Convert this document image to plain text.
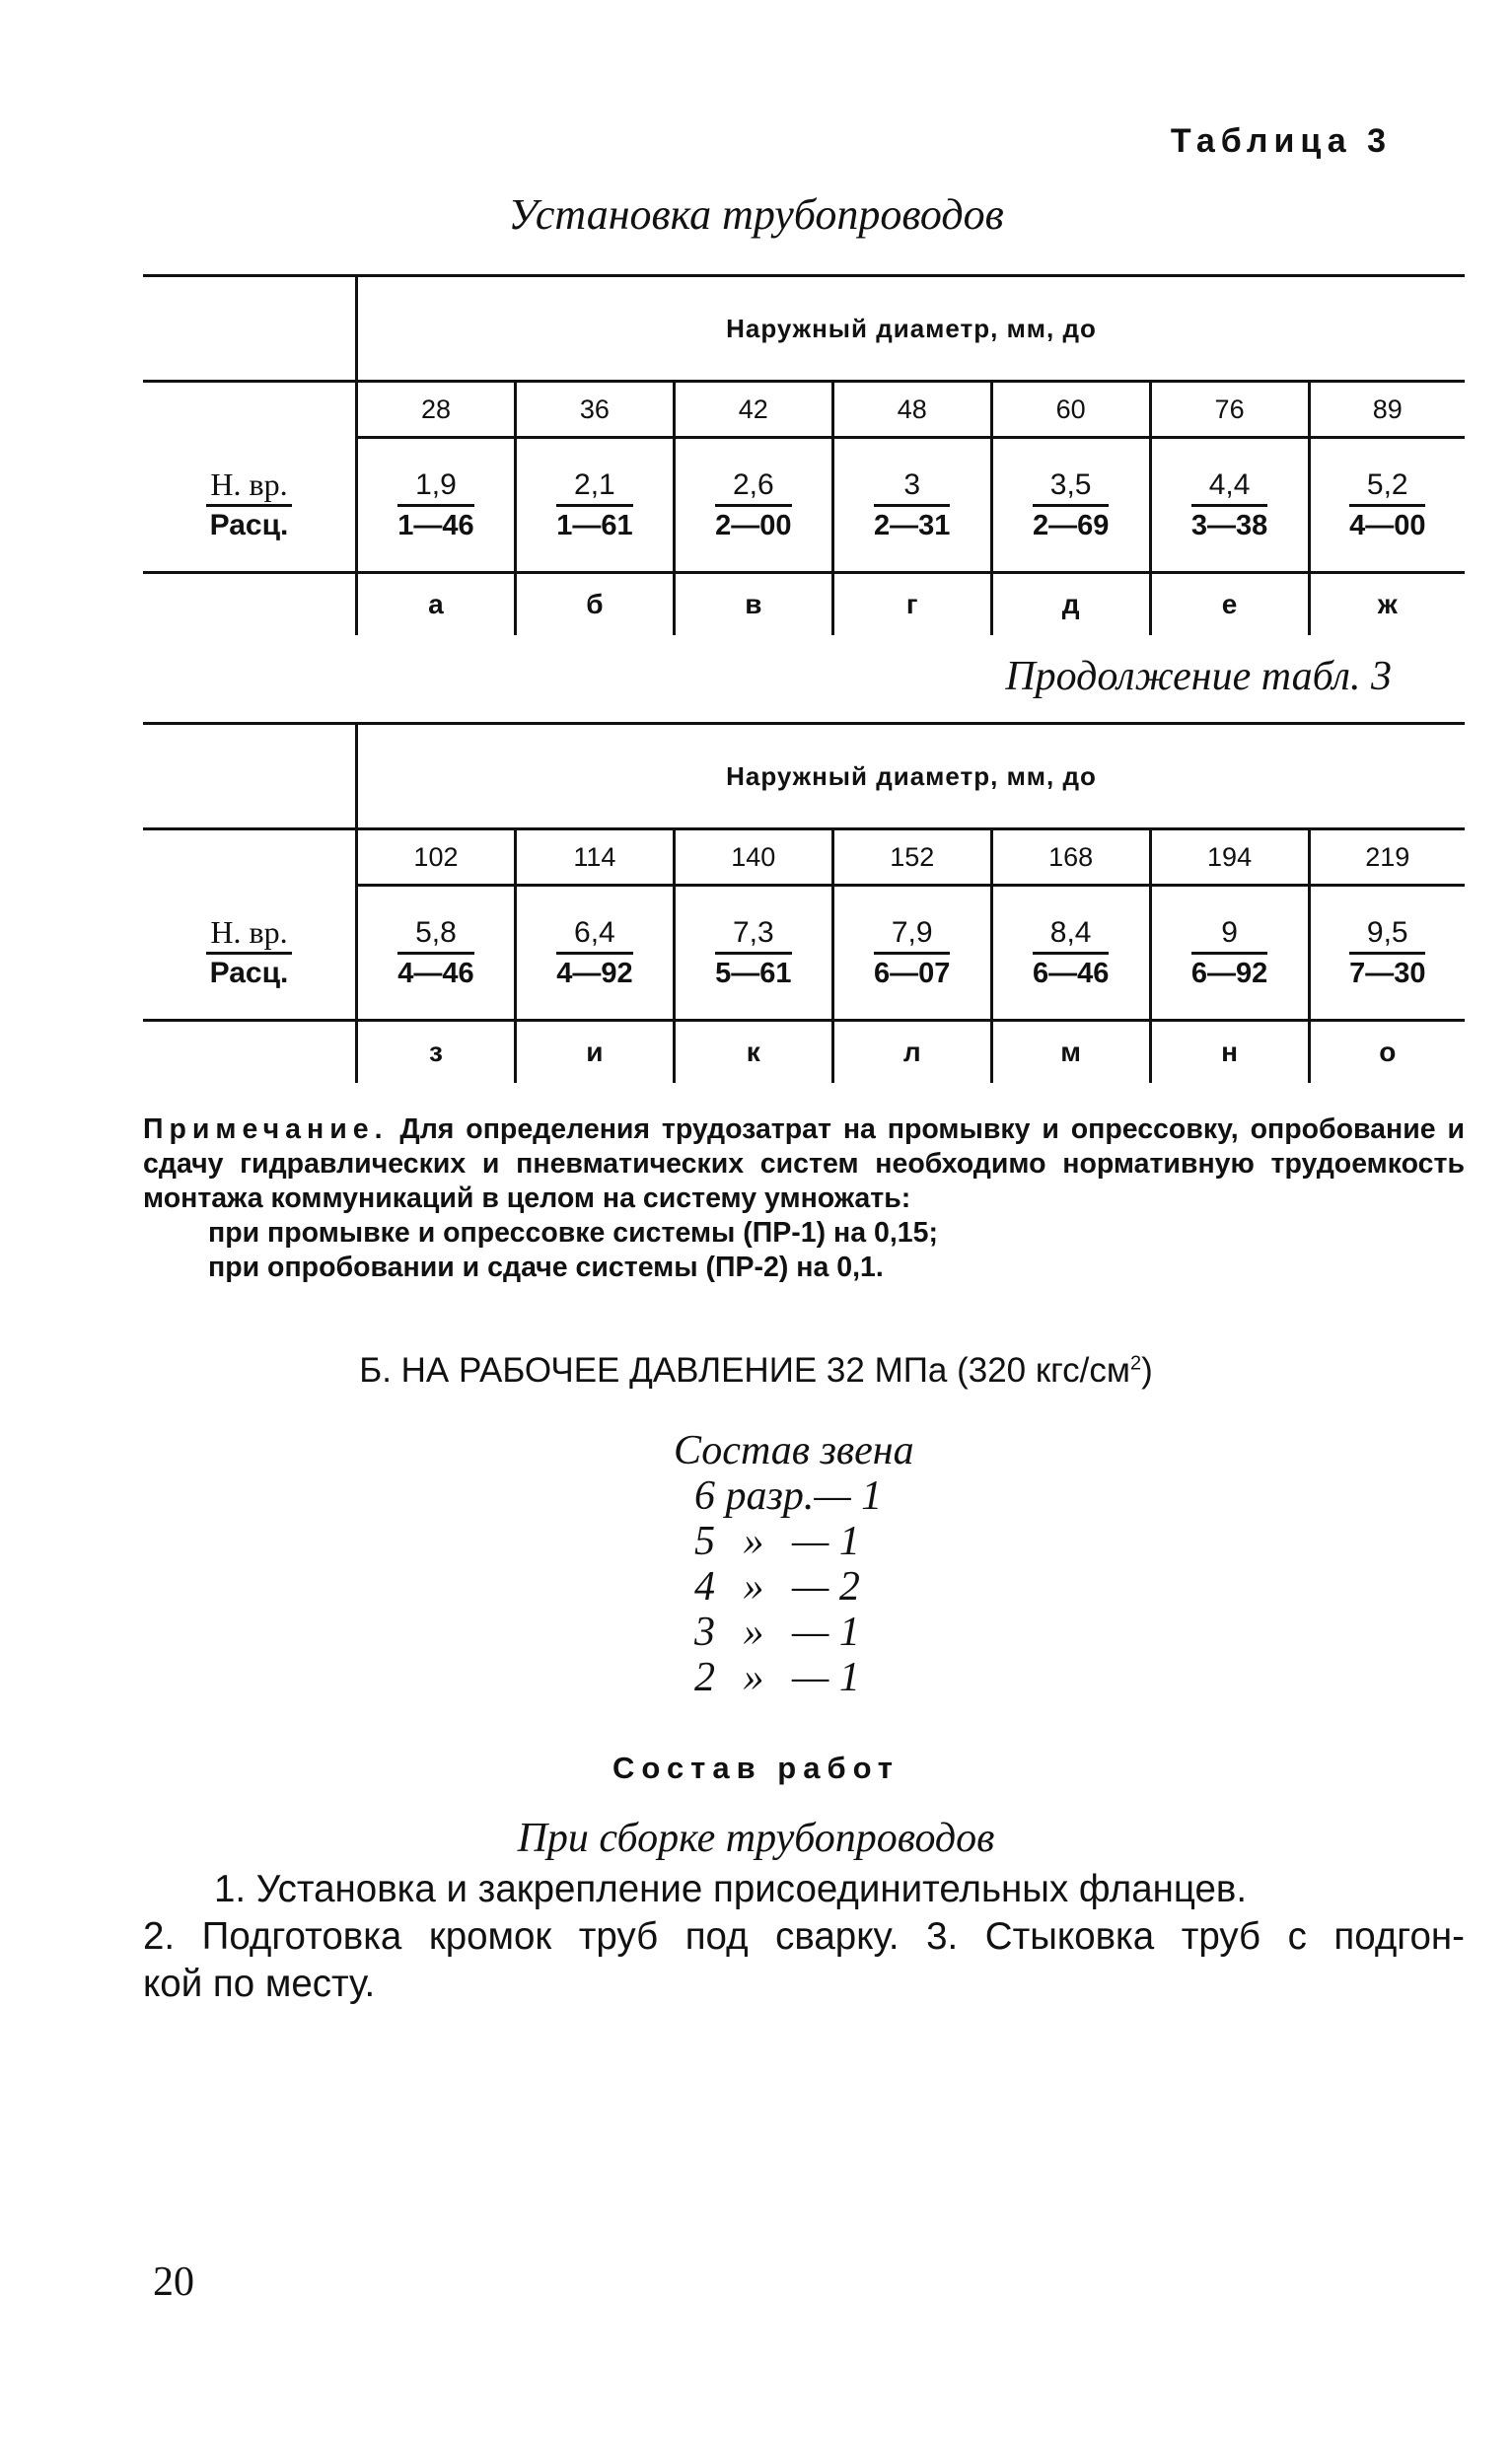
Таблица 3
Установка трубопроводов
	Наружный диаметр, мм, до						
	28	36	42	48	60	76	89

Н. вр.
Расц.	$\frac{1,9}{1—46}$	$\frac{2,1}{1—61}$	$\frac{2,6}{2—00}$	$\frac{3}{2—31}$	$\frac{3,5}{2—69}$	$\frac{4,4}{3—38}$	$\frac{5,2}{4—00}$

	а	б	в	г	д	е	ж
Продолжение табл. 3
	Наружный диаметр, мм, до						
	102	114	140	152	168	194	219

Н. вр.
Расц.	$\frac{5,8}{4—46}$	$\frac{6,4}{4—92}$	$\frac{7,3}{5—61}$	$\frac{7,9}{6—07}$	$\frac{8,4}{6—46}$	$\frac{9}{6—92}$	$\frac{9,5}{7—30}$

	з	и	к	л	м	н	о
Примечание. Для определения трудозатрат на промывку и опрессовку, опробование и сдачу гидравлических и пневматических систем необходимо нормативную трудоемкость монтажа коммуникаций в целом на систему умножать:
при промывке и опрессовке системы (ПР-1) на 0,15;
при опробовании и сдаче системы (ПР-2) на 0,1.
Б. НА РАБОЧЕЕ ДАВЛЕНИЕ 32 МПа (320 кгс/$см^2$)
Состав звена
6 разр.— 1
5 » — 1
4 » — 2
3 » — 1
2 » — 1
Состав работ
При сборке трубопроводов
1. Установка и закрепление присоединительных фланцев.
2. Подготовка кромок труб под сварку. 3. Стыковка труб с подгон-
кой по месту.
20
